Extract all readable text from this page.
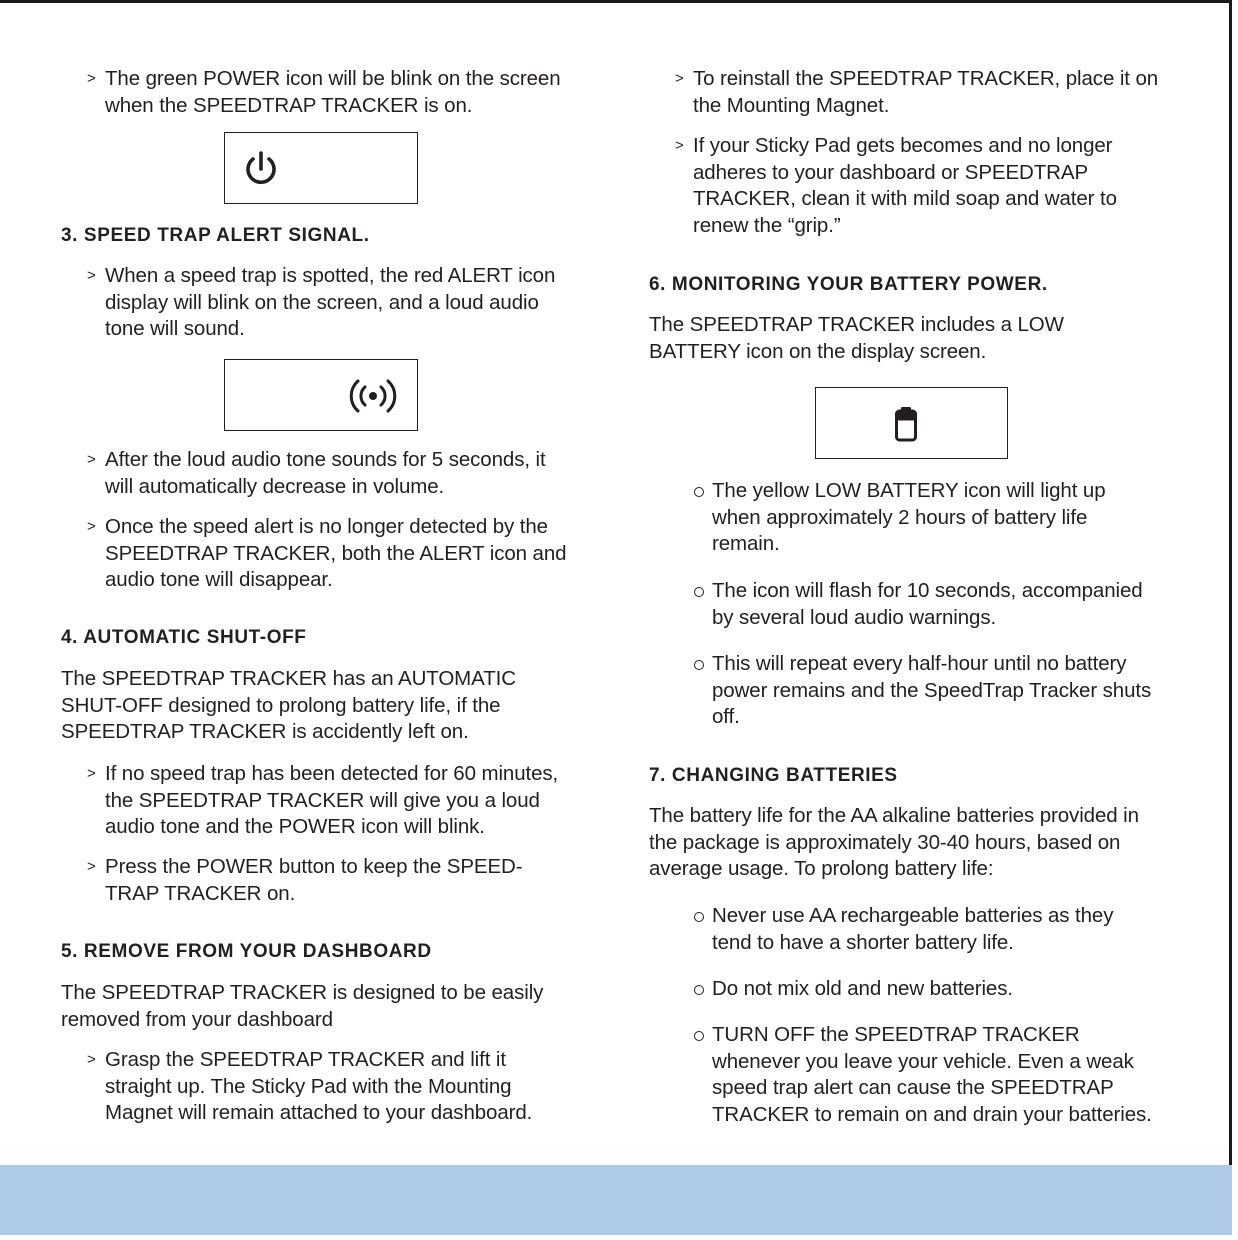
> The green POWER icon will be blink on the screen
when the SPEEDTRAP TRACKER is on.

3. SPEED TRAP ALERT SIGNAL.
> When a speed trap is spotted, the red ALERT icon
display will blink on the screen, and a loud audio
tone will sound.

> After the loud audio tone sounds for 5 seconds, it
will automatically decrease in volume.

> Once the speed alert is no longer detected by the
SPEEDTRAP TRACKER, both the ALERT icon and
audio tone will disappear.

4. AUTOMATIC SHUT-OFF

The SPEEDTRAP TRACKER has an AUTOMATIC
SHUT-OFF designed to prolong battery life, if the
SPEEDTRAP TRACKER is accidently left on.

> If no speed trap has been detected for 60 minutes,
the SPEEDTRAP TRACKER will give you a loud
audio tone and the POWER icon will blink.

> Press the POWER button to keep the SPEED-
TRAP TRACKER on.

5. REMOVE FROM YOUR DASHBOARD

The SPEEDTRAP TRACKER is designed to be easily
removed from your dashboard

> Grasp the SPEEDTRAP TRACKER and lift it
straight up. The Sticky Pad with the Mounting
Magnet will remain attached to your dashboard.

> To reinstall the SPEEDTRAP TRACKER, place it on
the Mounting Magnet.

> If your Sticky Pad gets becomes and no longer
adheres to your dashboard or SPEEDTRAP
TRACKER, clean it with mild soap and water to
renew the “grip.”

6. MONITORING YOUR BATTERY POWER.

The SPEEDTRAP TRACKER includes a LOW
BATTERY icon on the display screen.

The yellow LOW BATTERY icon will light up
when approximately 2 hours of battery life
remain.

The icon will flash for 10 seconds, accompanied
by several loud audio warnings.

This will repeat every half-hour until no battery
power remains and the SpeedTrap Tracker shuts
off.

7. CHANGING BATTERIES

The battery life for the AA alkaline batteries provided in
the package is approximately 30-40 hours, based on
average usage. To prolong battery life:

Never use AA rechargeable batteries as they
tend to have a shorter battery life.

Do not mix old and new batteries.

TURN OFF the SPEEDTRAP TRACKER
whenever you leave your vehicle. Even a weak
speed trap alert can cause the SPEEDTRAP
TRACKER to remain on and drain your batteries.
